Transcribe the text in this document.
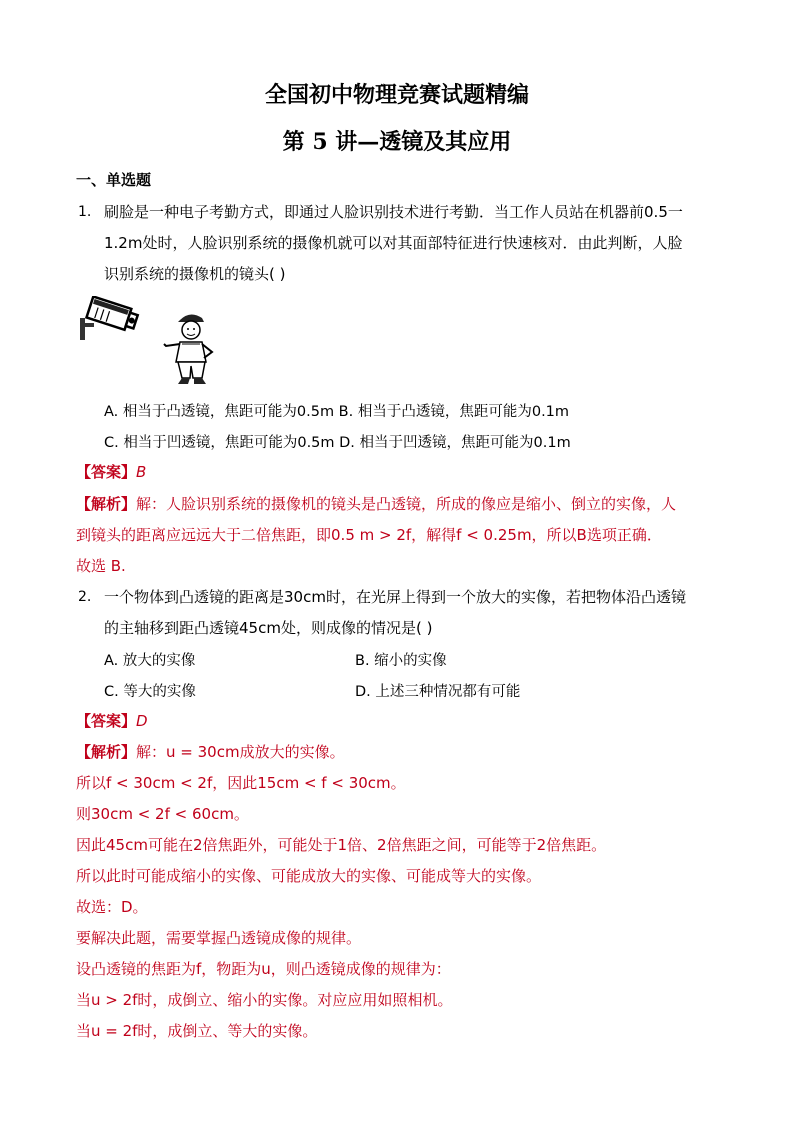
全国初中物理竞赛试题精编
第 5 讲—透镜及其应用
一、单选题
1. 刷脸是一种电子考勤方式，即通过人脸识别技术进行考勤．当工作人员站在机器前0.5一
1.2m处时，人脸识别系统的摄像机就可以对其面部特征进行快速核对．由此判断，人脸
识别系统的摄像机的镜头( )
A. 相当于凸透镜，焦距可能为0.5m B. 相当于凸透镜，焦距可能为0.1m
C. 相当于凹透镜，焦距可能为0.5m D. 相当于凹透镜，焦距可能为0.1m
【答案】B
【解析】解：人脸识别系统的摄像机的镜头是凸透镜，所成的像应是缩小、倒立的实像，人
到镜头的距离应远远大于二倍焦距，即0.5 m > 2f，解得f < 0.25m，所以B选项正确．
故选 B.
2. 一个物体到凸透镜的距离是30cm时，在光屏上得到一个放大的实像，若把物体沿凸透镜
的主轴移到距凸透镜45cm处，则成像的情况是( )
A. 放大的实像	B. 缩小的实像
C. 等大的实像	D. 上述三种情况都有可能
【答案】D
【解析】解：u = 30cm成放大的实像。
所以f < 30cm < 2f，因此15cm < f < 30cm。
则30cm < 2f < 60cm。
因此45cm可能在2倍焦距外，可能处于1倍、2倍焦距之间，可能等于2倍焦距。
所以此时可能成缩小的实像、可能成放大的实像、可能成等大的实像。
故选：D。
要解决此题，需要掌握凸透镜成像的规律。
设凸透镜的焦距为f，物距为u，则凸透镜成像的规律为：
当u > 2f时，成倒立、缩小的实像。对应应用如照相机。
当u = 2f时，成倒立、等大的实像。
